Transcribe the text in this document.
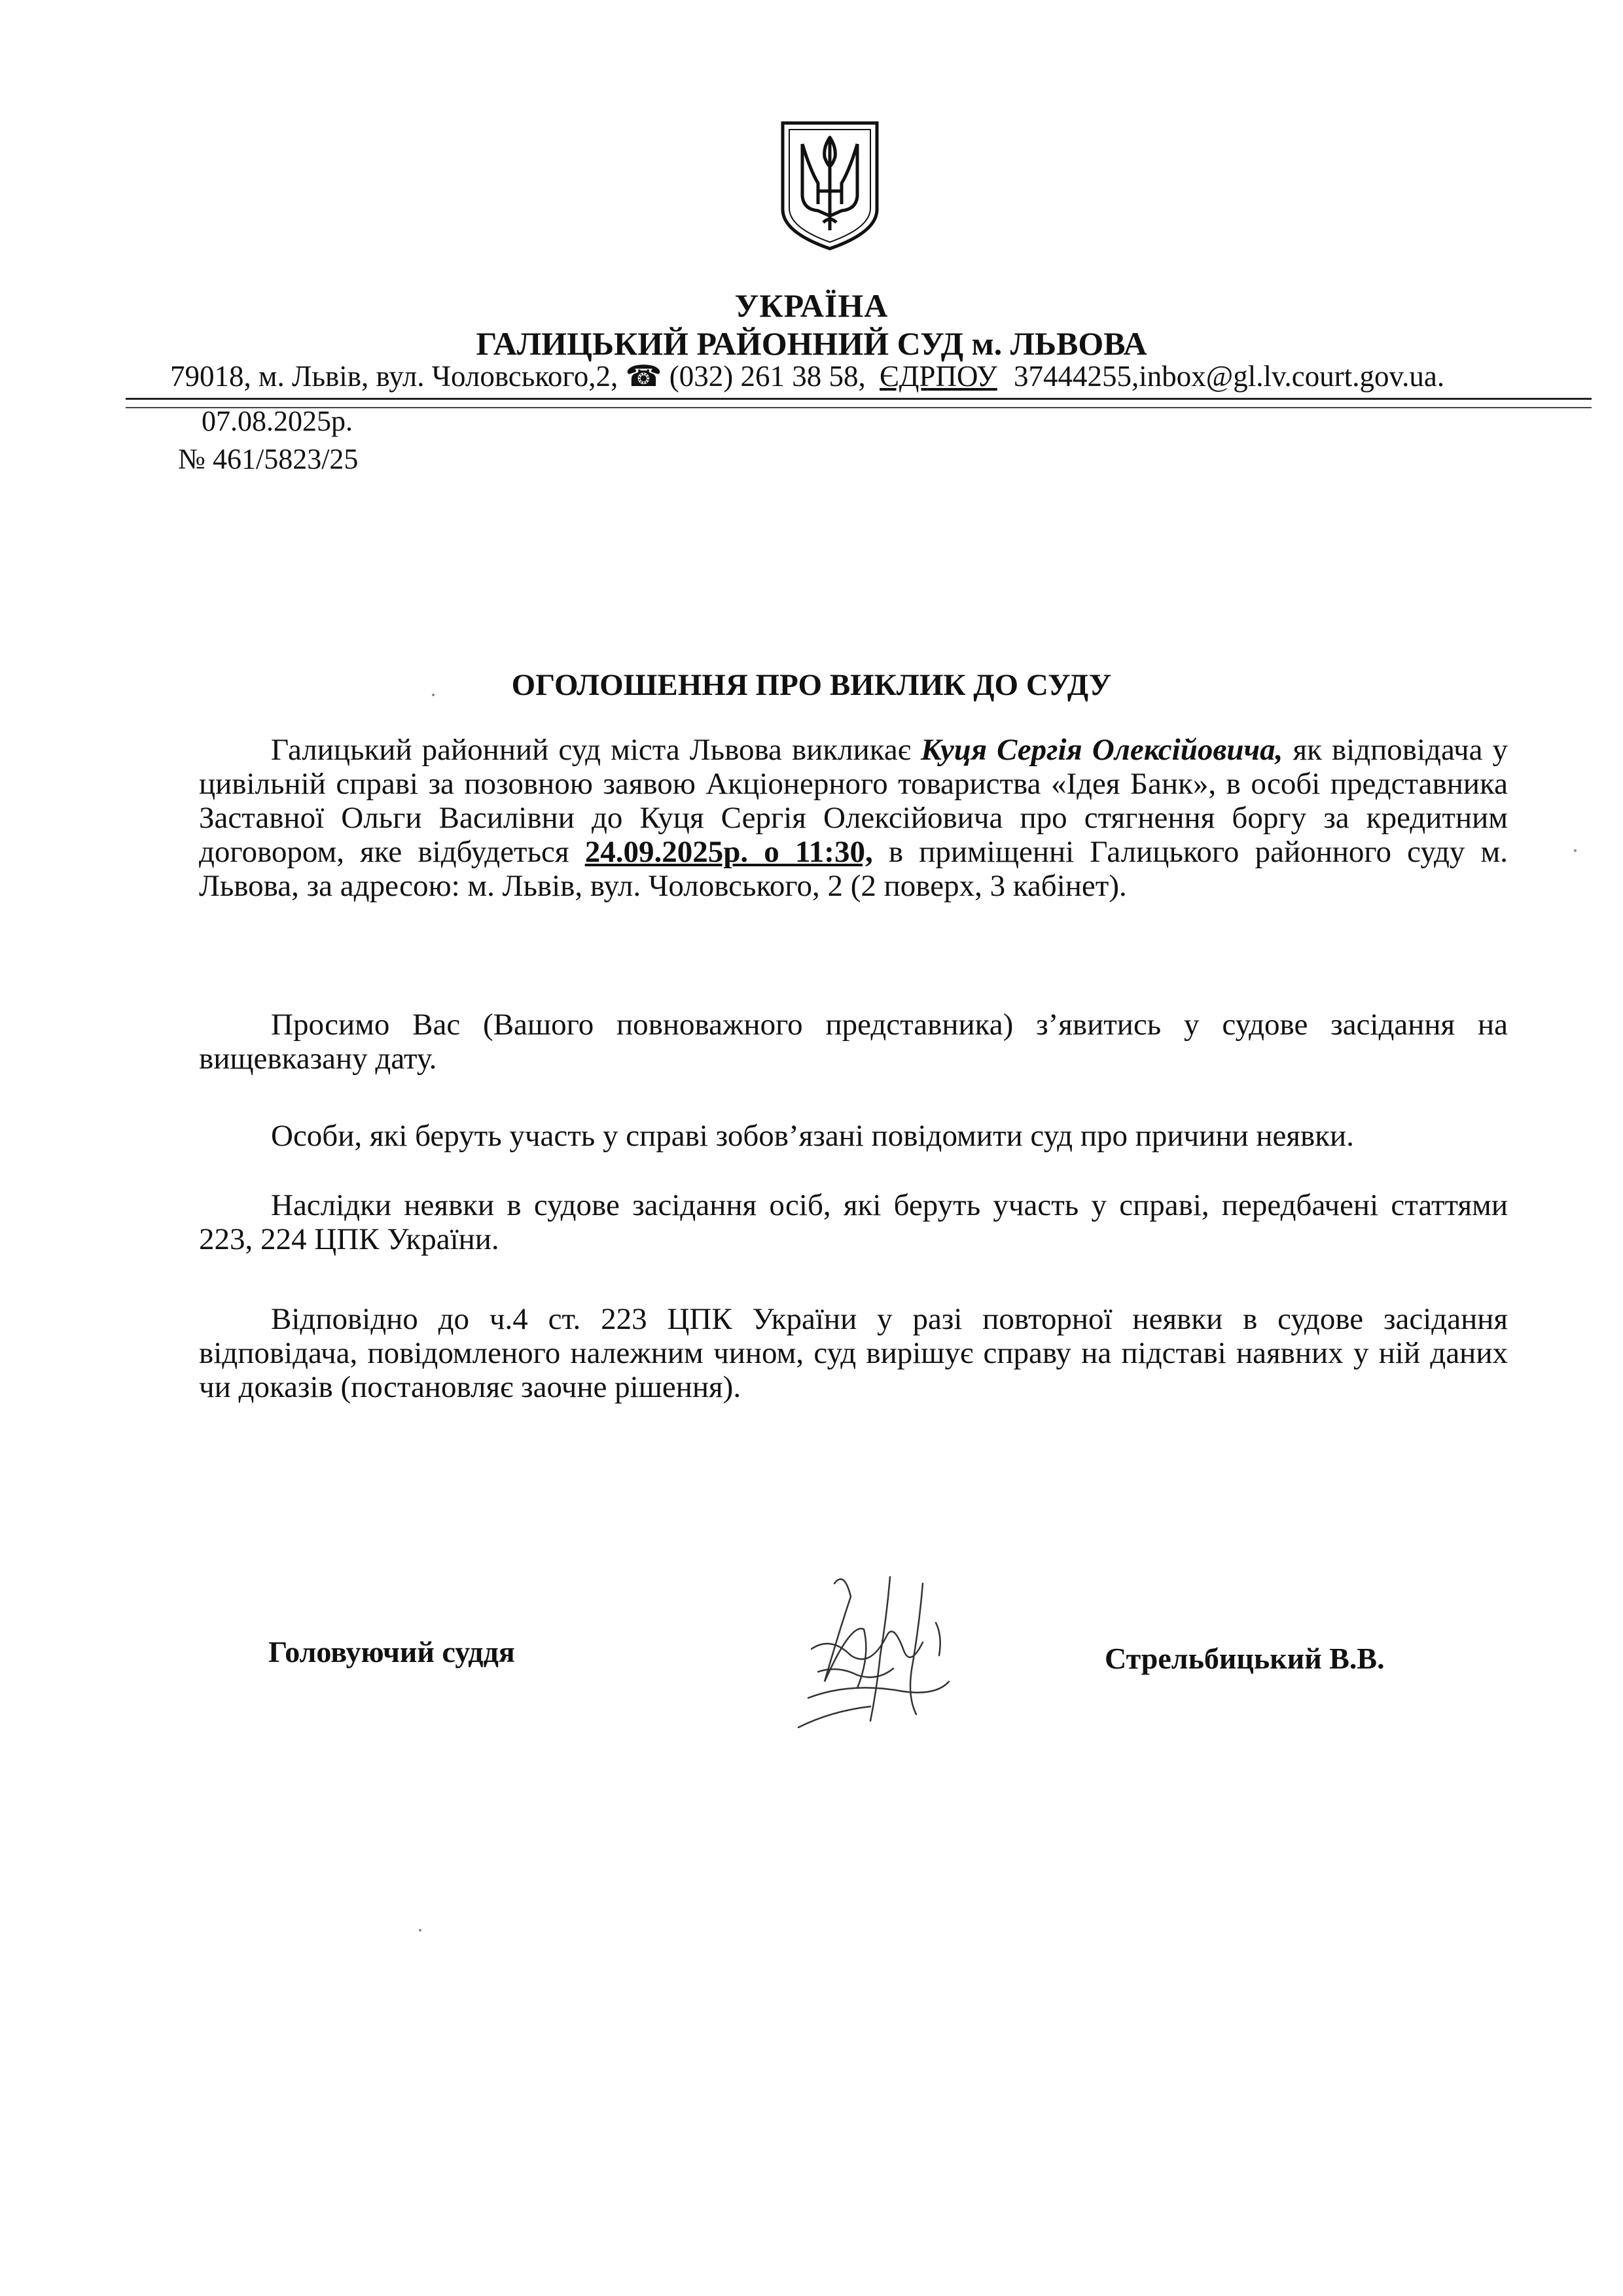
УКРАЇНА
ГАЛИЦЬКИЙ РАЙОННИЙ СУД м. ЛЬВОВА
79018, м. Львів, вул. Чоловського,2, ☎ (032) 261 38 58, ЄДРПОУ 37444255,inbox@gl.lv.court.gov.ua.
07.08.2025р.
№ 461/5823/25
ОГОЛОШЕННЯ ПРО ВИКЛИК ДО СУДУ
Галицький районний суд міста Львова викликає Куця Сергія Олексійовича, як відповідача у цивільній справі за позовною заявою Акціонерного товариства «Ідея Банк», в особі представника Заставної Ольги Василівни до Куця Сергія Олексійовича про стягнення боргу за кредитним договором, яке відбудеться 24.09.2025р. о 11:30, в приміщенні Галицького районного суду м. Львова, за адресою: м. Львів, вул. Чоловського, 2 (2 поверх, 3 кабінет).
Просимо Вас (Вашого повноважного представника) з’явитись у судове засідання на вищевказану дату.
Особи, які беруть участь у справі зобов’язані повідомити суд про причини неявки.
Наслідки неявки в судове засідання осіб, які беруть участь у справі, передбачені статтями 223, 224 ЦПК України.
Відповідно до ч.4 ст. 223 ЦПК України у разі повторної неявки в судове засідання відповідача, повідомленого належним чином, суд вирішує справу на підставі наявних у ній даних чи доказів (постановляє заочне рішення).
Головуючий суддя	Стрельбицький В.В.
